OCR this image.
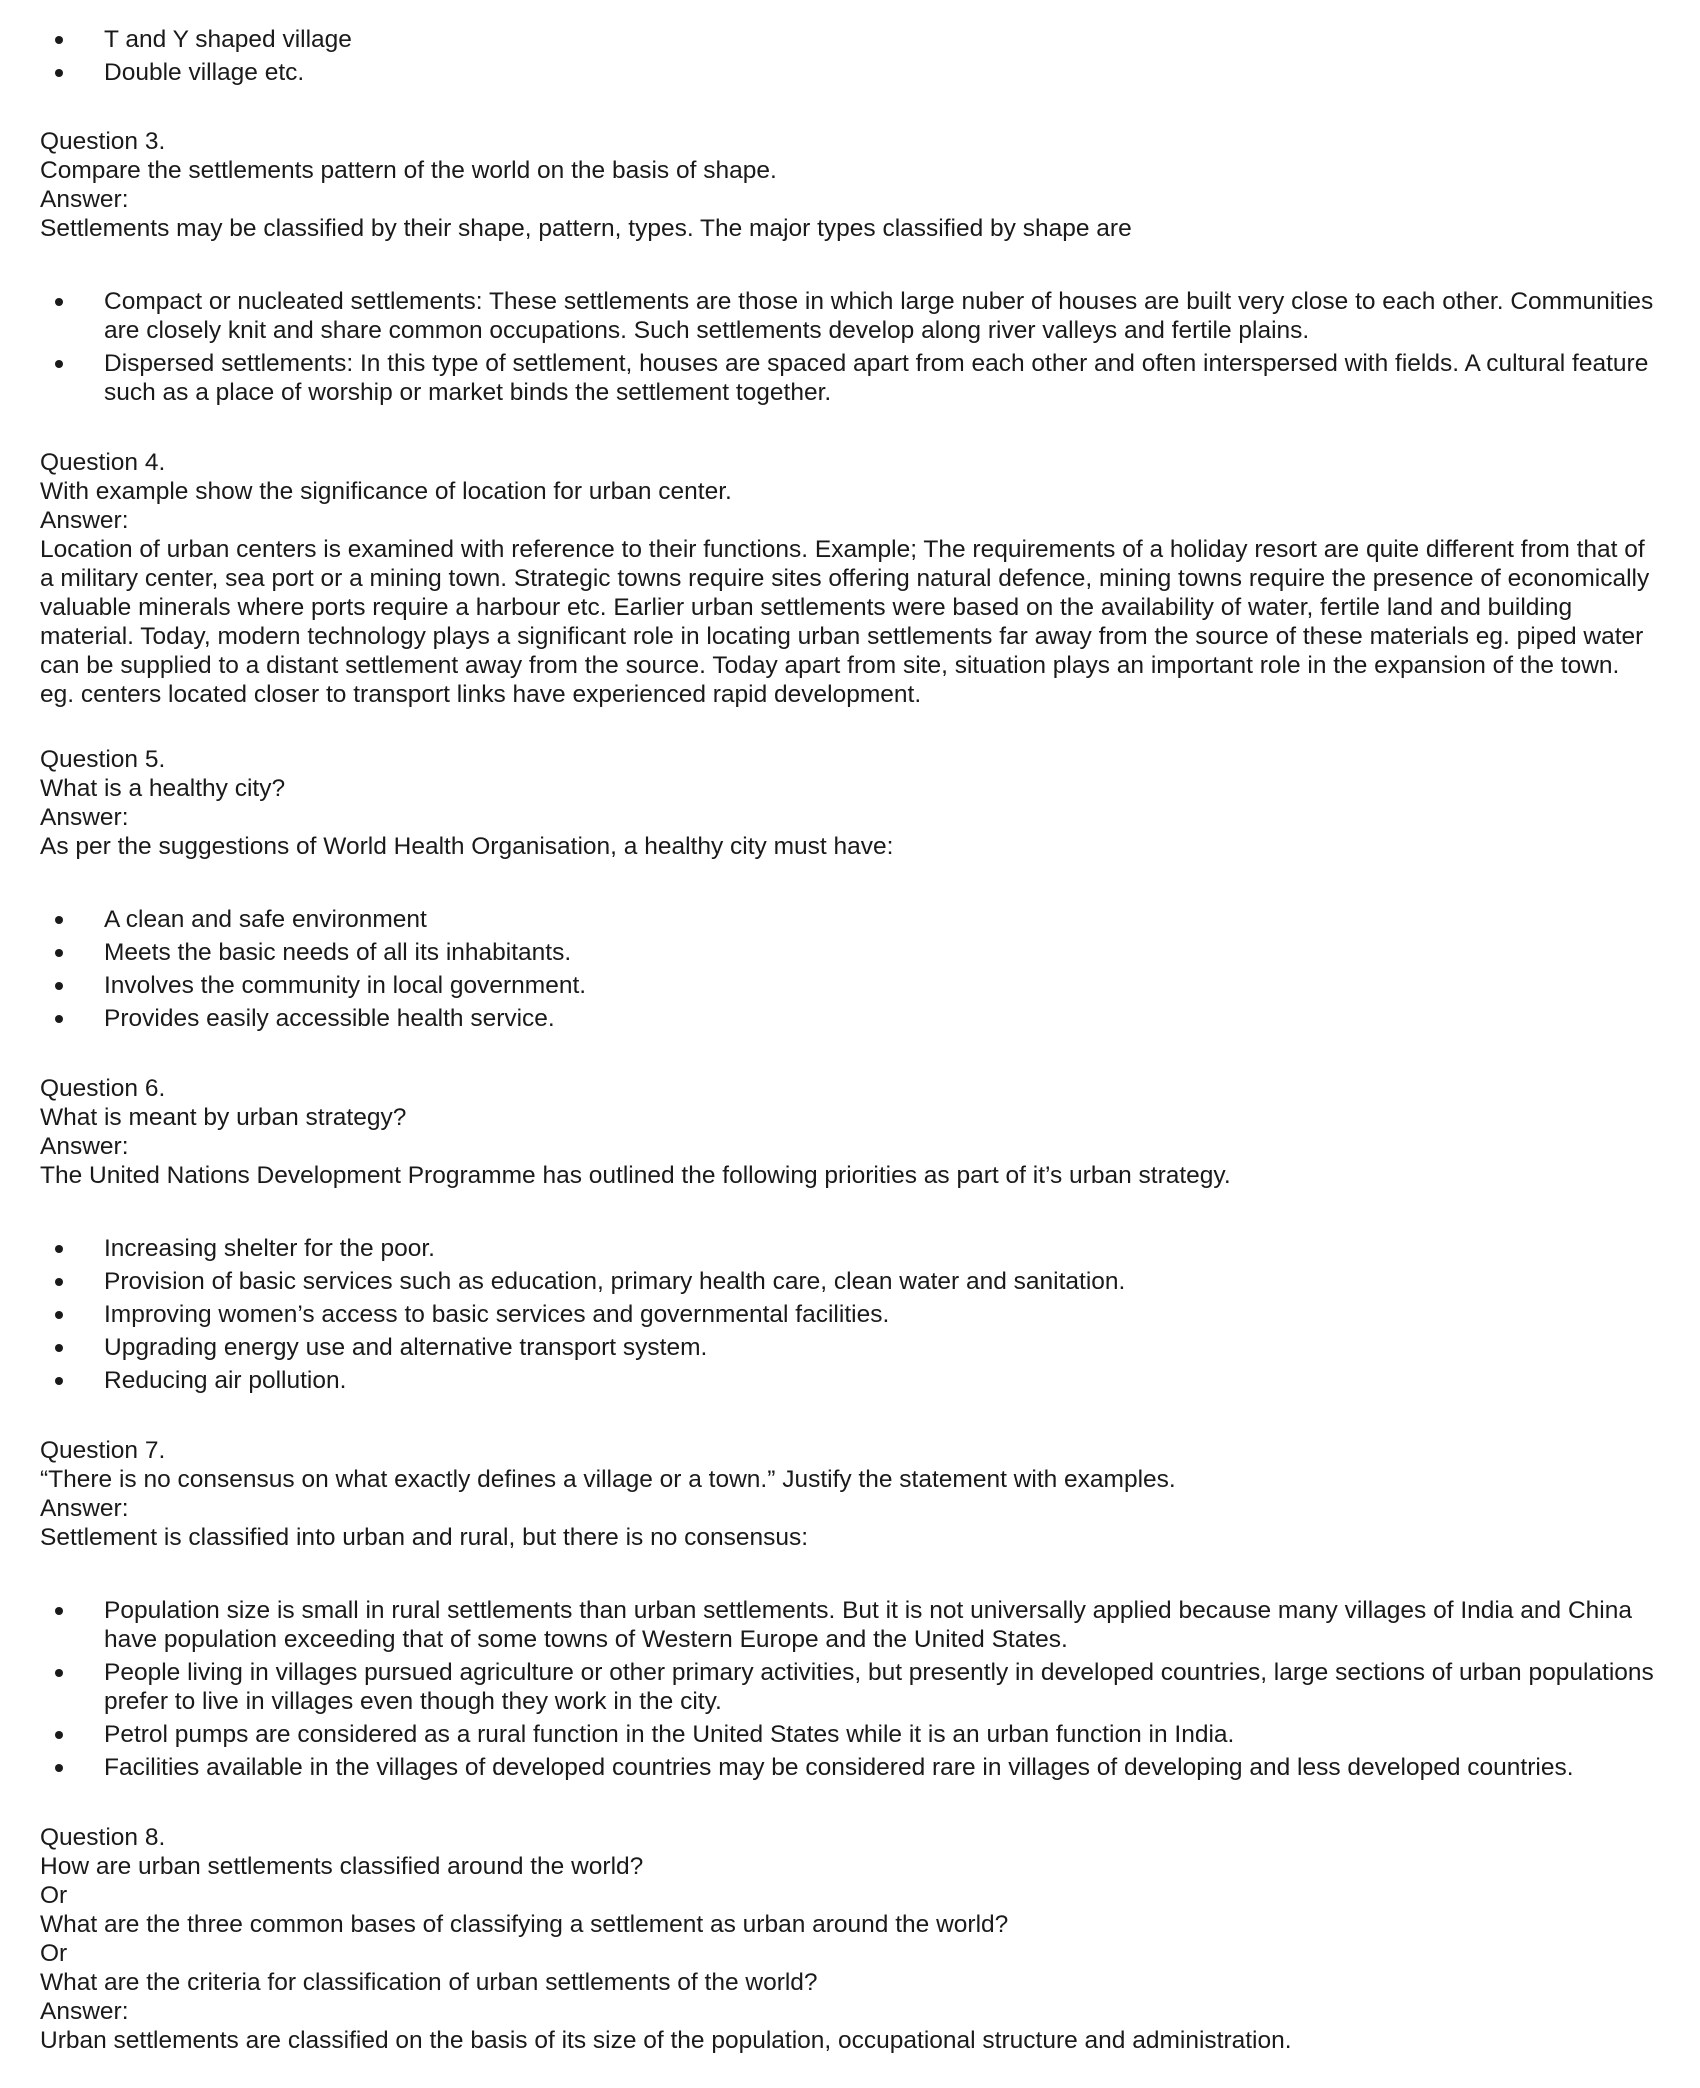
T and Y shaped village
Double village etc.

Question 3.

Compare the settlements pattern of the world on the basis of shape.

Answer:

Settlements may be classified by their shape, pattern, types. The major types classified by shape are

Compact or nucleated settlements: These settlements are those in which large nuber of houses are built very close to each other. Communities are closely knit and share common occupations. Such settlements develop along river valleys and fertile plains.
Dispersed settlements: In this type of settlement, houses are spaced apart from each other and often interspersed with fields. A cultural feature such as a place of worship or market binds the settlement together.

Question 4.

With example show the significance of location for urban center.

Answer:

Location of urban centers is examined with reference to their functions. Example; The requirements of a holiday resort are quite different from that of a military center, sea port or a mining town. Strategic towns require sites offering natural defence, mining towns require the presence of economically valuable minerals where ports require a harbour etc. Earlier urban settlements were based on the availability of water, fertile land and building material. Today, modern technology plays a significant role in locating urban settlements far away from the source of these materials eg. piped water can be supplied to a distant settlement away from the source. Today apart from site, situation plays an important role in the expansion of the town.

eg. centers located closer to transport links have experienced rapid development.

Question 5.

What is a healthy city?

Answer:

As per the suggestions of World Health Organisation, a healthy city must have:

A clean and safe environment
Meets the basic needs of all its inhabitants.
Involves the community in local government.
Provides easily accessible health service.

Question 6.

What is meant by urban strategy?

Answer:

The United Nations Development Programme has outlined the following priorities as part of it’s urban strategy.

Increasing shelter for the poor.
Provision of basic services such as education, primary health care, clean water and sanitation.
Improving women’s access to basic services and governmental facilities.
Upgrading energy use and alternative transport system.
Reducing air pollution.

Question 7.

“There is no consensus on what exactly defines a village or a town.” Justify the statement with examples.

Answer:

Settlement is classified into urban and rural, but there is no consensus:

Population size is small in rural settlements than urban settlements. But it is not universally applied because many villages of India and China have population exceeding that of some towns of Western Europe and the United States.
People living in villages pursued agriculture or other primary activities, but presently in developed countries, large sections of urban populations prefer to live in villages even though they work in the city.
Petrol pumps are considered as a rural function in the United States while it is an urban function in India.
Facilities available in the villages of developed countries may be considered rare in villages of developing and less developed countries.

Question 8.

How are urban settlements classified around the world?

Or

What are the three common bases of classifying a settlement as urban around the world?

Or

What are the criteria for classification of urban settlements of the world?

Answer:

Urban settlements are classified on the basis of its size of the population, occupational structure and administration.
